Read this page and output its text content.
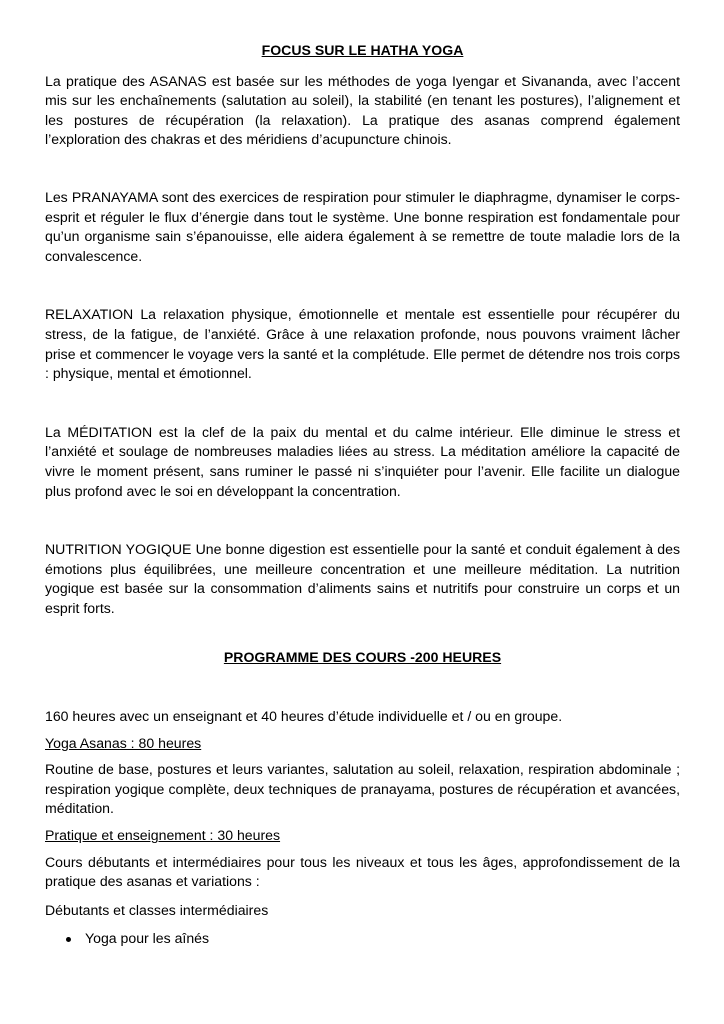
FOCUS SUR LE HATHA YOGA

La pratique des ASANAS est basée sur les méthodes de yoga Iyengar et Sivananda, avec l’accent mis sur les enchaînements (salutation au soleil), la stabilité (en tenant les postures), l’alignement et les postures de récupération (la relaxation). La pratique des asanas comprend également l’exploration des chakras et des méridiens d’acupuncture chinois.

Les PRANAYAMA sont des exercices de respiration pour stimuler le diaphragme, dynamiser le corps-esprit et réguler le flux d’énergie dans tout le système. Une bonne respiration est fondamentale pour qu’un organisme sain s’épanouisse, elle aidera également à se remettre de toute maladie lors de la convalescence.

RELAXATION La relaxation physique, émotionnelle et mentale est essentielle pour récupérer du stress, de la fatigue, de l’anxiété. Grâce à une relaxation profonde, nous pouvons vraiment lâcher prise et commencer le voyage vers la santé et la complétude. Elle permet de détendre nos trois corps : physique, mental et émotionnel.

La MÉDITATION est la clef de la paix du mental et du calme intérieur. Elle diminue le stress et l’anxiété et soulage de nombreuses maladies liées au stress. La méditation améliore la capacité de vivre le moment présent, sans ruminer le passé ni s’inquiéter pour l’avenir. Elle facilite un dialogue plus profond avec le soi en développant la concentration.

NUTRITION YOGIQUE Une bonne digestion est essentielle pour la santé et conduit également à des émotions plus équilibrées, une meilleure concentration et une meilleure méditation. La nutrition yogique est basée sur la consommation d’aliments sains et nutritifs pour construire un corps et un esprit forts.

PROGRAMME DES COURS -200 HEURES

160 heures avec un enseignant et 40 heures d’étude individuelle et / ou en groupe.

Yoga Asanas : 80 heures

Routine de base, postures et leurs variantes, salutation au soleil, relaxation, respiration abdominale ; respiration yogique complète, deux techniques de pranayama, postures de récupération et avancées, méditation.

Pratique et enseignement : 30 heures

Cours débutants et intermédiaires pour tous les niveaux et tous les âges, approfondissement de la pratique des asanas et variations :

Débutants et classes intermédiaires

Yoga pour les aînés
